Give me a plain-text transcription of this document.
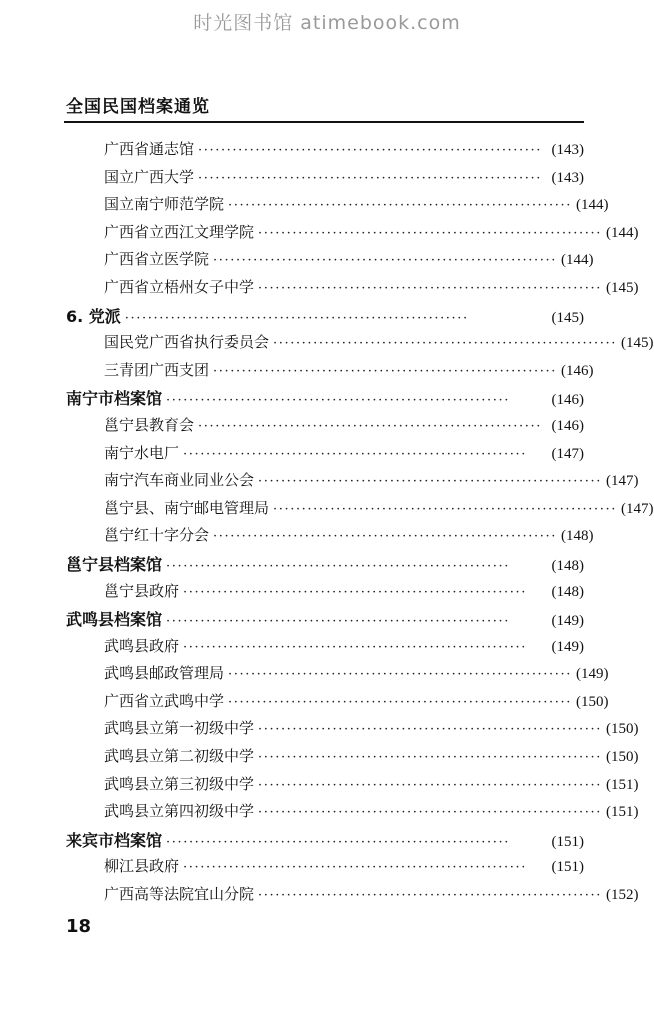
时光图书馆 atimebook.com
全国民国档案通览
广西省通志馆 ···························································· (143)
国立广西大学 ···························································· (143)
国立南宁师范学院 ···························································· (144)
广西省立西江文理学院 ···························································· (144)
广西省立医学院 ···························································· (144)
广西省立梧州女子中学 ···························································· (145)
6. 党派 ····························································	(145)
国民党广西省执行委员会 ···························································· (145)
三青团广西支团 ···························································· (146)
南宁市档案馆 ····························································	(146)
邕宁县教育会 ···························································· (146)
南宁水电厂 ····························································	(147)
南宁汽车商业同业公会 ···························································· (147)
邕宁县、南宁邮电管理局 ···························································· (147)
邕宁红十字分会 ···························································· (148)
邕宁县档案馆 ····························································	(148)
邕宁县政府 ····························································	(148)
武鸣县档案馆 ····························································	(149)
武鸣县政府 ····························································	(149)
武鸣县邮政管理局 ···························································· (149)
广西省立武鸣中学 ···························································· (150)
武鸣县立第一初级中学 ···························································· (150)
武鸣县立第二初级中学 ···························································· (150)
武鸣县立第三初级中学 ···························································· (151)
武鸣县立第四初级中学 ···························································· (151)
来宾市档案馆 ····························································	(151)
柳江县政府 ····························································	(151)
广西高等法院宜山分院 ···························································· (152)
18
